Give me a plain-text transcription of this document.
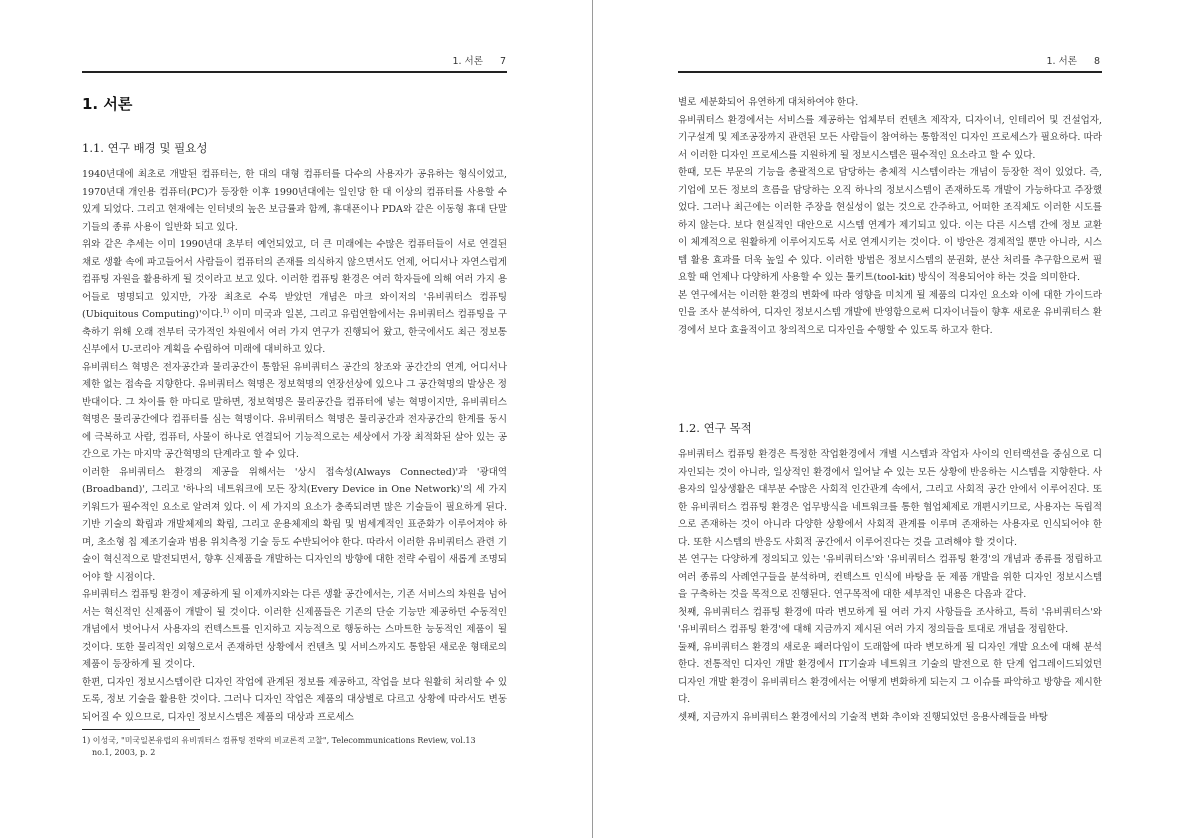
1. 서론 7
1. 서론
1.1. 연구 배경 및 필요성

1940년대에 최초로 개발된 컴퓨터는, 한 대의 대형 컴퓨터를 다수의 사용자가 공유하는 형식이었고, 1970년대 개인용 컴퓨터(PC)가 등장한 이후 1990년대에는 일인당 한 대 이상의 컴퓨터를 사용할 수 있게 되었다. 그리고 현재에는 인터넷의 높은 보급률과 함께, 휴대폰이나 PDA와 같은 이동형 휴대 단말기들의 종류 사용이 일반화 되고 있다.

위와 같은 추세는 이미 1990년대 초부터 예언되었고, 더 큰 미래에는 수많은 컴퓨터들이 서로 연결된 채로 생활 속에 파고들어서 사람들이 컴퓨터의 존재를 의식하지 않으면서도 언제, 어디서나 자연스럽게 컴퓨팅 자원을 활용하게 될 것이라고 보고 있다. 이러한 컴퓨팅 환경은 여러 학자들에 의해 여러 가지 용어들로 명명되고 있지만, 가장 최초로 수록 받았던 개념은 마크 와이저의 '유비쿼터스 컴퓨팅(Ubiquitous Computing)'이다.$^{1)}$ 이미 미국과 일본, 그리고 유럽연합에서는 유비쿼터스 컴퓨팅을 구축하기 위해 오래 전부터 국가적인 차원에서 여러 가지 연구가 진행되어 왔고, 한국에서도 최근 정보통신부에서 U-코리아 계획을 수립하여 미래에 대비하고 있다.

유비쿼터스 혁명은 전자공간과 물리공간이 통합된 유비쿼터스 공간의 창조와 공간간의 연계, 어디서나 제한 없는 접속을 지향한다. 유비쿼터스 혁명은 정보혁명의 연장선상에 있으나 그 공간혁명의 발상은 정반대이다. 그 차이를 한 마디로 말하면, 정보혁명은 물리공간을 컴퓨터에 넣는 혁명이지만, 유비쿼터스 혁명은 물리공간에다 컴퓨터를 심는 혁명이다. 유비쿼터스 혁명은 물리공간과 전자공간의 한계를 동시에 극복하고 사람, 컴퓨터, 사물이 하나로 연결되어 기능적으로는 세상에서 가장 최적화된 살아 있는 공간으로 가는 마지막 공간혁명의 단계라고 할 수 있다.

이러한 유비쿼터스 환경의 제공을 위해서는 '상시 접속성(Always Connected)'과 '광대역(Broadband)', 그리고 '하나의 네트워크에 모든 장치(Every Device in One Network)'의 세 가지 키워드가 필수적인 요소로 알려져 있다. 이 세 가지의 요소가 충족되려면 많은 기술들이 필요하게 된다. 기반 기술의 확립과 개발체제의 확립, 그리고 운용체제의 확립 및 범세계적인 표준화가 이루어져야 하며, 초소형 칩 제조기술과 범용 위치측정 기술 등도 수반되어야 한다. 따라서 이러한 유비쿼터스 관련 기술이 혁신적으로 발전되면서, 향후 신제품을 개발하는 디자인의 방향에 대한 전략 수립이 새롭게 조명되어야 할 시점이다.

유비쿼터스 컴퓨팅 환경이 제공하게 될 이제까지와는 다른 생활 공간에서는, 기존 서비스의 차원을 넘어서는 혁신적인 신제품이 개발이 될 것이다. 이러한 신제품들은 기존의 단순 기능만 제공하던 수동적인 개념에서 벗어나서 사용자의 컨텍스트를 인지하고 지능적으로 행동하는 스마트한 능동적인 제품이 될 것이다. 또한 물리적인 외형으로서 존재하던 상황에서 컨텐츠 및 서비스까지도 통합된 새로운 형태로의 제품이 등장하게 될 것이다.

한편, 디자인 정보시스템이란 디자인 작업에 관계된 정보를 제공하고, 작업을 보다 원활히 처리할 수 있도록, 정보 기술을 활용한 것이다. 그러나 디자인 작업은 제품의 대상별로 다르고 상황에 따라서도 변동되어질 수 있으므로, 디자인 정보시스템은 제품의 대상과 프로세스

1) 이성국, "미국일본유럽의 유비쿼터스 컴퓨팅 전략의 비교론적 고찰", Telecommunications Review, vol.13
no.1, 2003, p. 2
1. 서론 8

별로 세분화되어 유연하게 대처하여야 한다.

유비쿼터스 환경에서는 서비스를 제공하는 업체부터 컨텐츠 제작자, 디자이너, 인테리어 및 건설업자, 기구설계 및 제조공장까지 관련된 모든 사람들이 참여하는 통합적인 디자인 프로세스가 필요하다. 따라서 이러한 디자인 프로세스를 지원하게 될 정보시스템은 필수적인 요소라고 할 수 있다.

한때, 모든 부문의 기능을 총괄적으로 담당하는 총체적 시스템이라는 개념이 등장한 적이 있었다. 즉, 기업에 모든 정보의 흐름을 담당하는 오직 하나의 정보시스템이 존재하도록 개발이 가능하다고 주장했었다. 그러나 최근에는 이러한 주장을 현실성이 없는 것으로 간주하고, 어떠한 조직체도 이러한 시도를 하지 않는다. 보다 현실적인 대안으로 시스템 연계가 제기되고 있다. 이는 다른 시스템 간에 정보 교환이 체계적으로 원활하게 이루어지도록 서로 연계시키는 것이다. 이 방안은 경제적일 뿐만 아니라, 시스템 활용 효과를 더욱 높일 수 있다. 이러한 방법은 정보시스템의 분권화, 분산 처리를 추구함으로써 필요할 때 언제나 다양하게 사용할 수 있는 툴키트(tool-kit) 방식이 적용되어야 하는 것을 의미한다.

본 연구에서는 이러한 환경의 변화에 따라 영향을 미치게 될 제품의 디자인 요소와 이에 대한 가이드라인을 조사 분석하여, 디자인 정보시스템 개발에 반영함으로써 디자이너들이 향후 새로운 유비쿼터스 환경에서 보다 효율적이고 창의적으로 디자인을 수행할 수 있도록 하고자 한다.

1.2. 연구 목적

유비쿼터스 컴퓨팅 환경은 특정한 작업환경에서 개별 시스템과 작업자 사이의 인터랙션을 중심으로 디자인되는 것이 아니라, 일상적인 환경에서 일어날 수 있는 모든 상황에 반응하는 시스템을 지향한다. 사용자의 일상생활은 대부분 수많은 사회적 인간관계 속에서, 그리고 사회적 공간 안에서 이루어진다. 또한 유비쿼터스 컴퓨팅 환경은 업무방식을 네트워크를 통한 협업체제로 개편시키므로, 사용자는 독립적으로 존재하는 것이 아니라 다양한 상황에서 사회적 관계를 이루며 존재하는 사용자로 인식되어야 한다. 또한 시스템의 반응도 사회적 공간에서 이루어진다는 것을 고려해야 할 것이다.

본 연구는 다양하게 정의되고 있는 '유비쿼터스'와 '유비쿼터스 컴퓨팅 환경'의 개념과 종류를 정립하고 여러 종류의 사례연구들을 분석하며, 컨텍스트 인식에 바탕을 둔 제품 개발을 위한 디자인 정보시스템을 구축하는 것을 목적으로 진행된다. 연구목적에 대한 세부적인 내용은 다음과 같다.

첫째, 유비쿼터스 컴퓨팅 환경에 따라 변모하게 될 여러 가지 사항들을 조사하고, 특히 '유비쿼터스'와 '유비쿼터스 컴퓨팅 환경'에 대해 지금까지 제시된 여러 가지 정의들을 토대로 개념을 정립한다.

둘째, 유비쿼터스 환경의 새로운 패러다임이 도래함에 따라 변모하게 될 디자인 개발 요소에 대해 분석한다. 전통적인 디자인 개발 환경에서 IT기술과 네트워크 기술의 발전으로 한 단계 업그레이드되었던 디자인 개발 환경이 유비쿼터스 환경에서는 어떻게 변화하게 되는지 그 이슈를 파악하고 방향을 제시한다.

셋째, 지금까지 유비쿼터스 환경에서의 기술적 변화 추이와 진행되었던 응용사례들을 바탕
